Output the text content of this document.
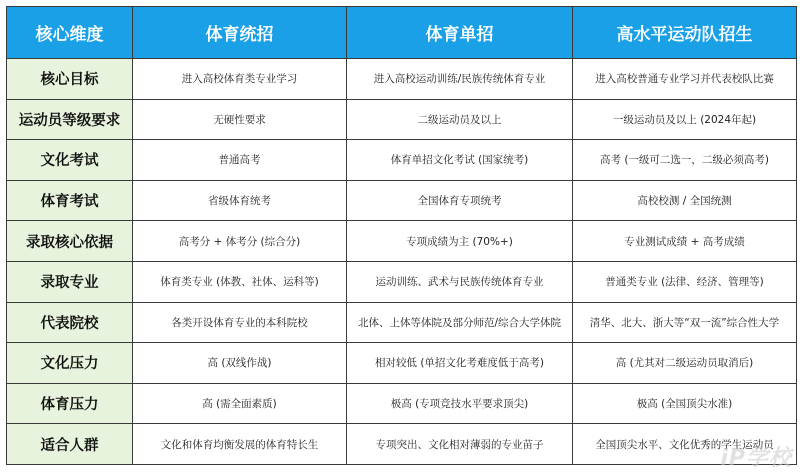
核心维度	体育统招	体育单招	高水平运动队招生
核心目标	进入高校体育类专业学习	进入高校运动训练/民族传统体育专业	进入高校普通专业学习并代表校队比赛
运动员等级要求	无硬性要求	二级运动员及以上	一级运动员及以上 (2024年起)
文化考试	普通高考	体育单招文化考试 (国家统考)	高考 (一级可二选一，二级必须高考)
体育考试	省级体育统考	全国体育专项统考	高校校测 / 全国统测
录取核心依据	高考分 + 体考分 (综合分)	专项成绩为主 (70%+)	专业测试成绩 + 高考成绩
录取专业	体育类专业 (体教、社体、运科等)	运动训练、武术与民族传统体育专业	普通类专业 (法律、经济、管理等)
代表院校	各类开设体育专业的本科院校	北体、上体等体院及部分师范/综合大学体院	清华、北大、浙大等“双一流”综合性大学
文化压力	高 (双线作战)	相对较低 (单招文化考难度低于高考)	高 (尤其对二级运动员取消后)
体育压力	高 (需全面素质)	极高 (专项竞技水平要求顶尖)	极高 (全国顶尖水准)
适合人群	文化和体育均衡发展的体育特长生	专项突出、文化相对薄弱的专业苗子	全国顶尖水平、文化优秀的学生运动员
iP学校
